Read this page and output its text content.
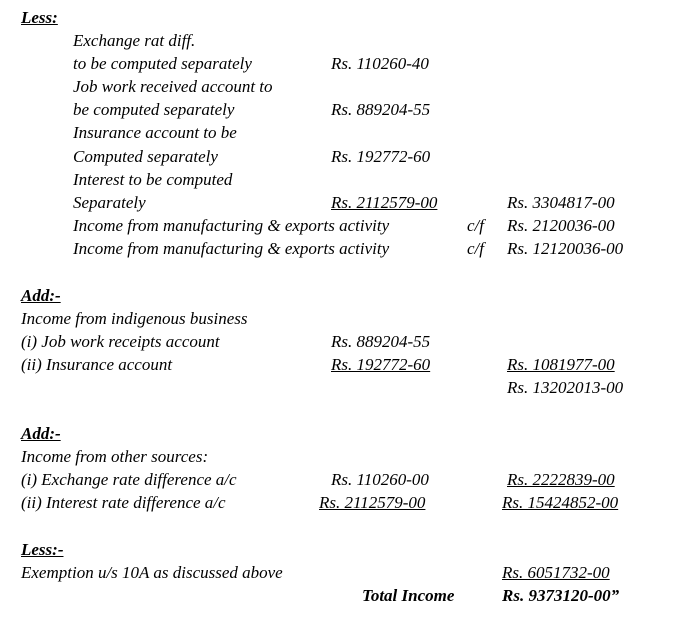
Less:
Exchange rat diff.
to be computed separately	Rs. 110260-40
Job work received account to
be computed separately	Rs. 889204-55
Insurance account to be
Computed separately	Rs. 192772-60
Interest to be computed
Separately	Rs. 2112579-00	Rs. 3304817-00
Income from manufacturing & exports activity	c/f Rs. 2120036-00
Income from manufacturing & exports activity	c/f Rs. 12120036-00
Add:-
Income from indigenous business
(i) Job work receipts account	Rs. 889204-55
(ii) Insurance account	Rs. 192772-60	Rs. 1081977-00
Rs. 13202013-00
Add:-
Income from other sources:
(i) Exchange rate difference a/c	Rs. 110260-00	Rs. 2222839-00
(ii) Interest rate difference a/c	Rs. 2112579-00	Rs. 15424852-00
Less:-
Exemption u/s 10A as discussed above	Rs. 6051732-00
Total Income	Rs. 9373120-00”
